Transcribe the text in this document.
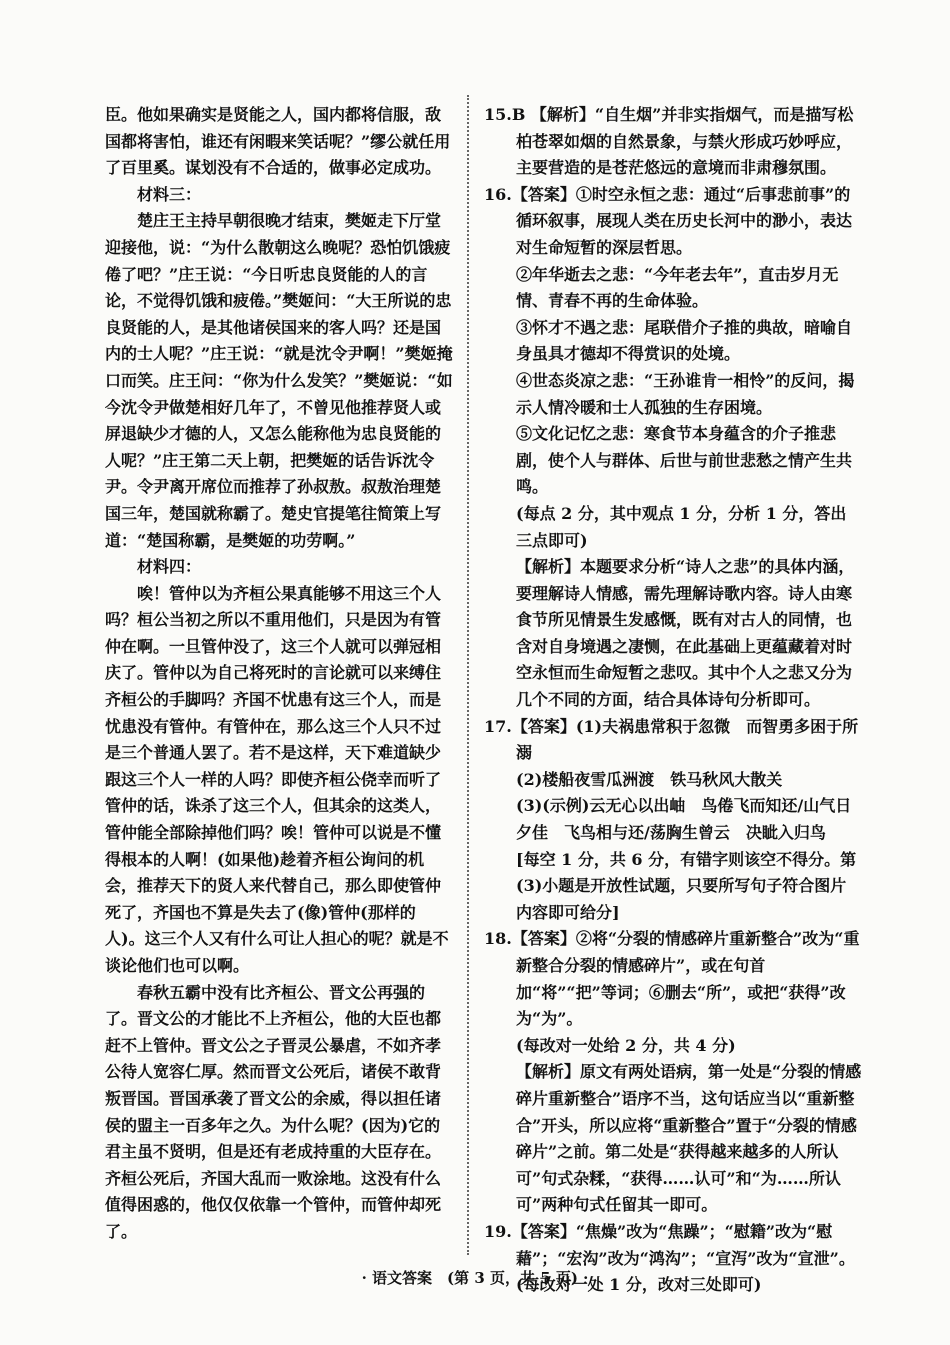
臣。他如果确实是贤能之人，国内都将信服，敌国都将害怕，谁还有闲暇来笑话呢？”缪公就任用了百里奚。谋划没有不合适的，做事必定成功。

材料三：

楚庄王主持早朝很晚才结束，樊姬走下厅堂迎接他，说：“为什么散朝这么晚呢？恐怕饥饿疲倦了吧？”庄王说：“今日听忠良贤能的人的言论，不觉得饥饿和疲倦。”樊姬问：“大王所说的忠良贤能的人，是其他诸侯国来的客人吗？还是国内的士人呢？”庄王说：“就是沈令尹啊！”樊姬掩口而笑。庄王问：“你为什么发笑？”樊姬说：“如今沈令尹做楚相好几年了，不曾见他推荐贤人或屏退缺少才德的人，又怎么能称他为忠良贤能的人呢？”庄王第二天上朝，把樊姬的话告诉沈令尹。令尹离开席位而推荐了孙叔敖。叔敖治理楚国三年，楚国就称霸了。楚史官提笔往简策上写道：“楚国称霸，是樊姬的功劳啊。”

材料四：

唉！管仲以为齐桓公果真能够不用这三个人吗？桓公当初之所以不重用他们，只是因为有管仲在啊。一旦管仲没了，这三个人就可以弹冠相庆了。管仲以为自己将死时的言论就可以来缚住齐桓公的手脚吗？齐国不忧患有这三个人，而是忧患没有管仲。有管仲在，那么这三个人只不过是三个普通人罢了。若不是这样，天下难道缺少跟这三个人一样的人吗？即使齐桓公侥幸而听了管仲的话，诛杀了这三个人，但其余的这类人，管仲能全部除掉他们吗？唉！管仲可以说是不懂得根本的人啊！(如果他)趁着齐桓公询问的机会，推荐天下的贤人来代替自己，那么即使管仲死了，齐国也不算是失去了(像)管仲(那样的人)。这三个人又有什么可让人担心的呢？就是不谈论他们也可以啊。

春秋五霸中没有比齐桓公、晋文公再强的了。晋文公的才能比不上齐桓公，他的大臣也都赶不上管仲。晋文公之子晋灵公暴虐，不如齐孝公待人宽容仁厚。然而晋文公死后，诸侯不敢背叛晋国。晋国承袭了晋文公的余威，得以担任诸侯的盟主一百多年之久。为什么呢？(因为)它的君主虽不贤明，但是还有老成持重的大臣存在。齐桓公死后，齐国大乱而一败涂地。这没有什么值得困惑的，他仅仅依靠一个管仲，而管仲却死了。

15.B 【解析】“自生烟”并非实指烟气，而是描写松柏苍翠如烟的自然景象，与禁火形成巧妙呼应，主要营造的是苍茫悠远的意境而非肃穆氛围。

16.【答案】①时空永恒之悲：通过“后事悲前事”的循环叙事，展现人类在历史长河中的渺小，表达对生命短暂的深层哲思。

②年华逝去之悲：“今年老去年”，直击岁月无情、青春不再的生命体验。

③怀才不遇之悲：尾联借介子推的典故，暗喻自身虽具才德却不得赏识的处境。

④世态炎凉之悲：“王孙谁肯一相怜”的反问，揭示人情冷暖和士人孤独的生存困境。

⑤文化记忆之悲：寒食节本身蕴含的介子推悲剧，使个人与群体、后世与前世悲愁之情产生共鸣。

(每点 2 分，其中观点 1 分，分析 1 分，答出三点即可)

【解析】本题要求分析“诗人之悲”的具体内涵，要理解诗人情感，需先理解诗歌内容。诗人由寒食节所见情景生发感慨，既有对古人的同情，也含对自身境遇之凄恻，在此基础上更蕴藏着对时空永恒而生命短暂之悲叹。其中个人之悲又分为几个不同的方面，结合具体诗句分析即可。

17.【答案】(1)夫祸患常积于忽微　而智勇多困于所溺

(2)楼船夜雪瓜洲渡　铁马秋风大散关

(3)(示例)云无心以出岫　鸟倦飞而知还/山气日夕佳　飞鸟相与还/荡胸生曾云　决眦入归鸟

[每空 1 分，共 6 分，有错字则该空不得分。第(3)小题是开放性试题，只要所写句子符合图片内容即可给分]

18.【答案】②将“分裂的情感碎片重新整合”改为“重新整合分裂的情感碎片”，或在句首加“将”“把”等词；⑥删去“所”，或把“获得”改为“为”。

(每改对一处给 2 分，共 4 分)

【解析】原文有两处语病，第一处是“分裂的情感碎片重新整合”语序不当，这句话应当以“重新整合”开头，所以应将“重新整合”置于“分裂的情感碎片”之前。第二处是“获得越来越多的人所认可”句式杂糅，“获得……认可”和“为……所认可”两种句式任留其一即可。

19.【答案】“焦燥”改为“焦躁”；“慰籍”改为“慰藉”；“宏沟”改为“鸿沟”；“宣泻”改为“宣泄”。

(每改对一处 1 分，改对三处即可)

· 语文答案　(第 3 页，共 5 页) ·
